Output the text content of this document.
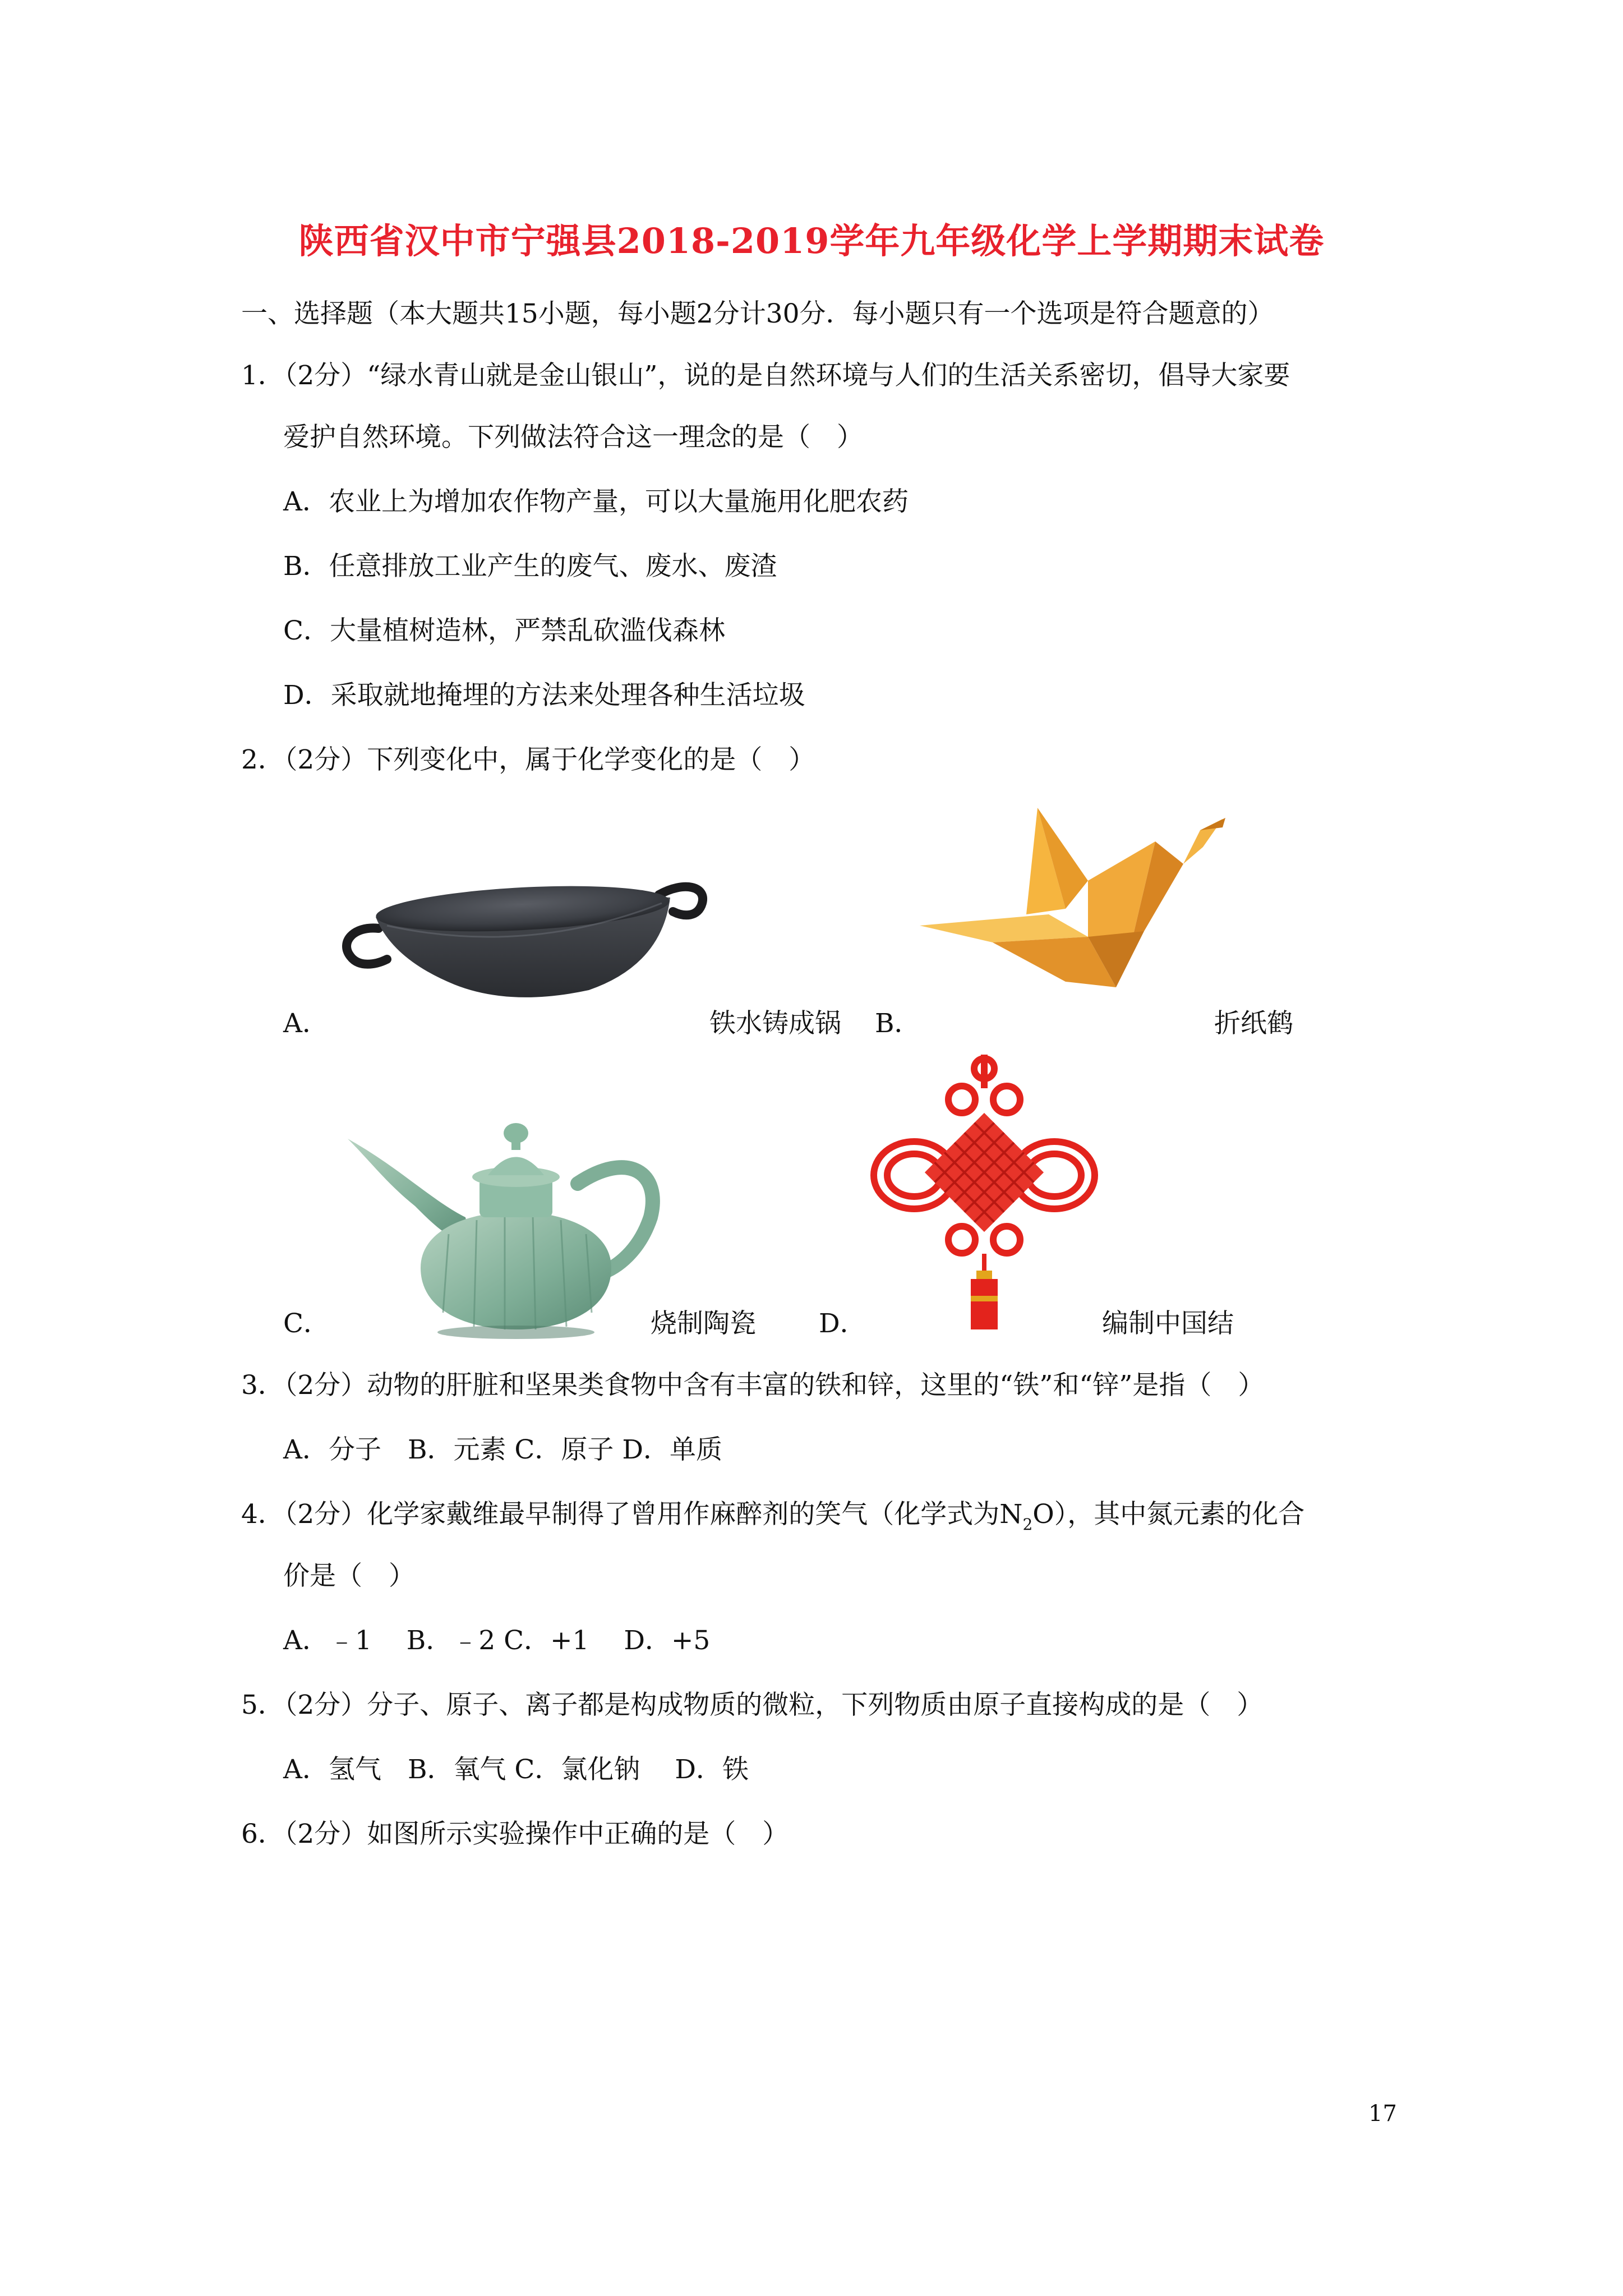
陕西省汉中市宁强县2018-2019学年九年级化学上学期期末试卷
一、选择题（本大题共15小题，每小题2分计30分．每小题只有一个选项是符合题意的）
1．（2分）“绿水青山就是金山银山”，说的是自然环境与人们的生活关系密切，倡导大家要
爱护自然环境。下列做法符合这一理念的是（　）
A．农业上为增加农作物产量，可以大量施用化肥农药
B．任意排放工业产生的废气、废水、废渣
C．大量植树造林，严禁乱砍滥伐森林
D．采取就地掩埋的方法来处理各种生活垃圾
2．（2分）下列变化中，属于化学变化的是（　）
A．	铁水铸成锅 B．	折纸鹤
C．	烧制陶瓷 D．	编制中国结
3．（2分）动物的肝脏和坚果类食物中含有丰富的铁和锌，这里的“铁”和“锌”是指（　）
A．分子　B．元素 C．原子 D．单质
4．（2分）化学家戴维最早制得了曾用作麻醉剂的笑气（化学式为$N_2O$），其中氮元素的化合
价是（　）
A．﹣1　 B．﹣2 C．+1　 D．+5
5．（2分）分子、原子、离子都是构成物质的微粒，下列物质由原子直接构成的是（　）
A．氢气　B．氧气 C．氯化钠　 D．铁
6．（2分）如图所示实验操作中正确的是（　）
17
